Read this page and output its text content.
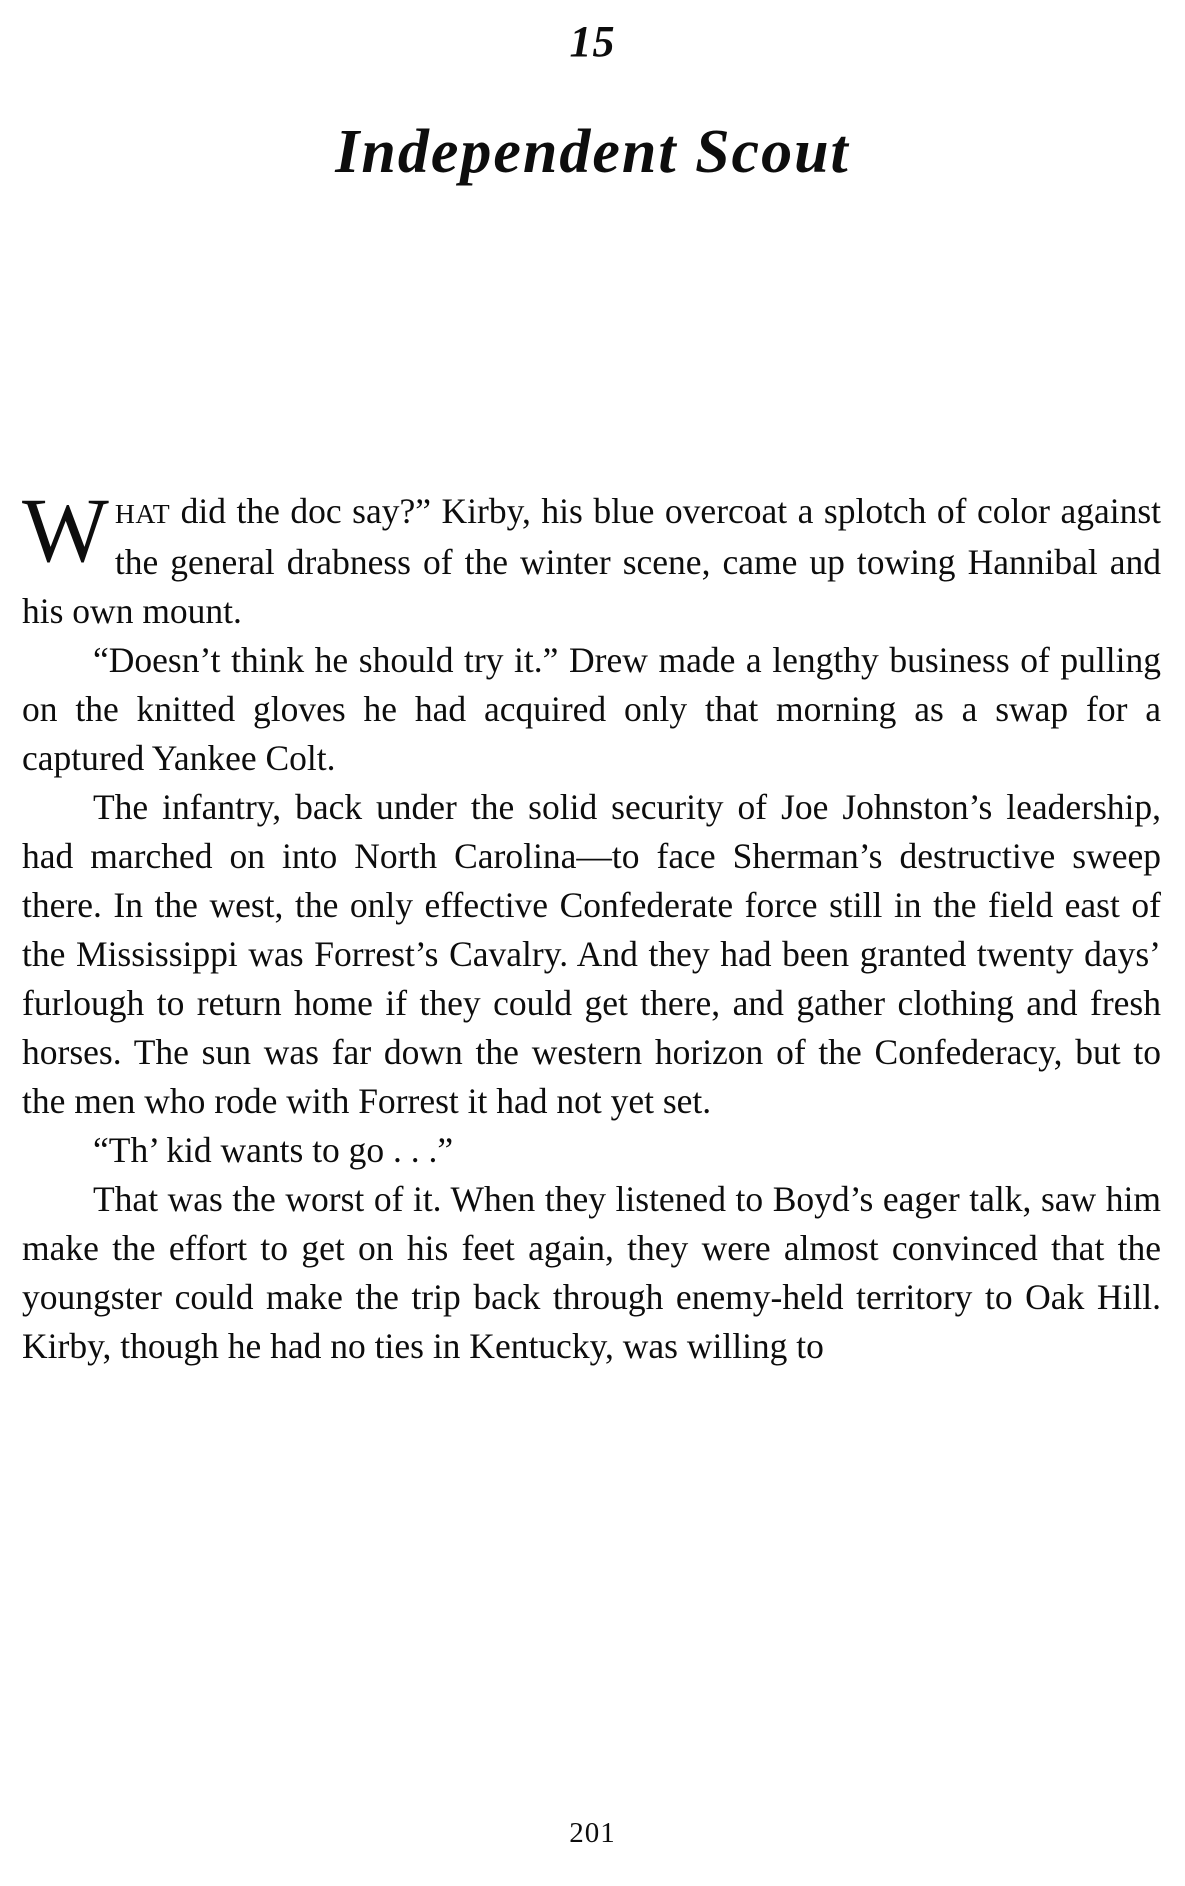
15
Independent Scout

WHAT did the doc say?” Kirby, his blue overcoat a splotch of color against the general drabness of the winter scene, came up towing Hannibal and his own mount.

“Doesn’t think he should try it.” Drew made a lengthy business of pulling on the knitted gloves he had acquired only that morning as a swap for a captured Yankee Colt.

The infantry, back under the solid security of Joe Johnston’s leadership, had marched on into North Carolina—to face Sherman’s destructive sweep there. In the west, the only effective Confederate force still in the field east of the Mississippi was Forrest’s Cavalry. And they had been granted twenty days’ furlough to return home if they could get there, and gather clothing and fresh horses. The sun was far down the western horizon of the Confederacy, but to the men who rode with Forrest it had not yet set.

“Th’ kid wants to go . . .”

That was the worst of it. When they listened to Boyd’s eager talk, saw him make the effort to get on his feet again, they were almost convinced that the youngster could make the trip back through enemy-held territory to Oak Hill. Kirby, though he had no ties in Kentucky, was willing to

201
